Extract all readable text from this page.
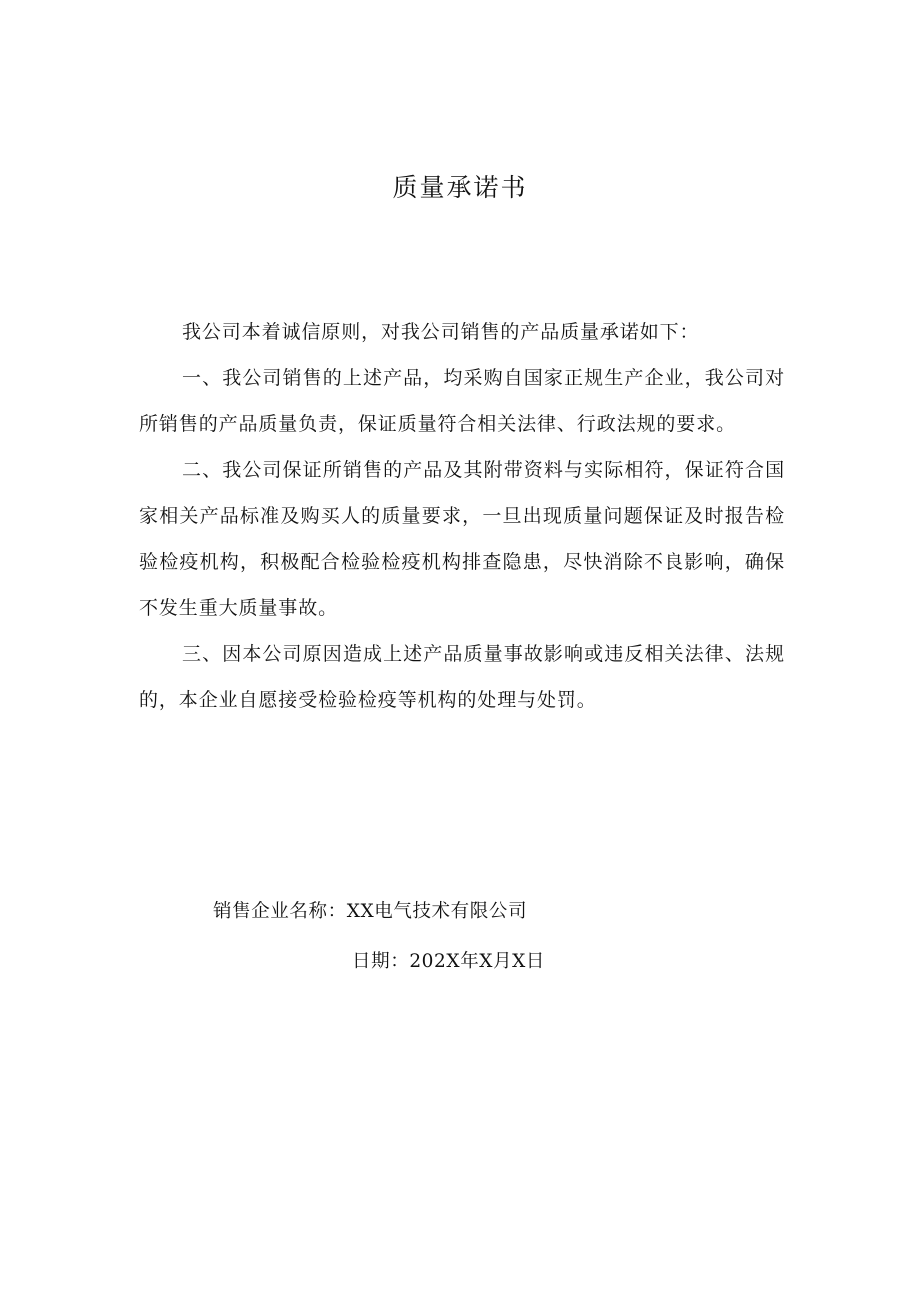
质量承诺书

我公司本着诚信原则，对我公司销售的产品质量承诺如下：

一、我公司销售的上述产品，均采购自国家正规生产企业，我公司对所销售的产品质量负责，保证质量符合相关法律、行政法规的要求。

二、我公司保证所销售的产品及其附带资料与实际相符，保证符合国家相关产品标准及购买人的质量要求，一旦出现质量问题保证及时报告检验检疫机构，积极配合检验检疫机构排查隐患，尽快消除不良影响，确保不发生重大质量事故。

三、因本公司原因造成上述产品质量事故影响或违反相关法律、法规的，本企业自愿接受检验检疫等机构的处理与处罚。

销售企业名称：XX电气技术有限公司
日期：202X年X月X日
